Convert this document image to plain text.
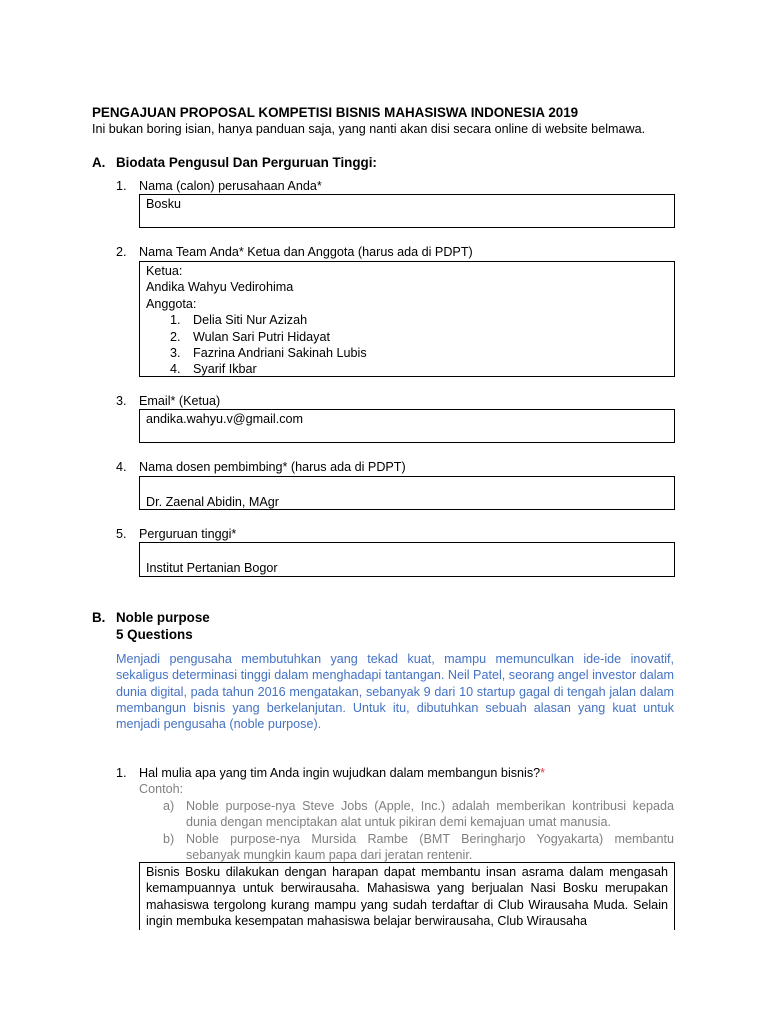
PENGAJUAN PROPOSAL KOMPETISI BISNIS MAHASISWA INDONESIA 2019
Ini bukan boring isian, hanya panduan saja, yang nanti akan disi secara online di website belmawa.
A. Biodata Pengusul Dan Perguruan Tinggi:
1. Nama (calon) perusahaan Anda*
Bosku
2. Nama Team Anda* Ketua dan Anggota (harus ada di PDPT)
Ketua:
Andika Wahyu Vedirohima
Anggota:
1. Delia Siti Nur Azizah
2. Wulan Sari Putri Hidayat
3. Fazrina Andriani Sakinah Lubis
4. Syarif Ikbar
3. Email* (Ketua)
andika.wahyu.v@gmail.com
4. Nama dosen pembimbing* (harus ada di PDPT)
Dr. Zaenal Abidin, MAgr
5. Perguruan tinggi*
Institut Pertanian Bogor
B. Noble purpose
5 Questions
Menjadi pengusaha membutuhkan yang tekad kuat, mampu memunculkan ide-ide inovatif, sekaligus determinasi tinggi dalam menghadapi tantangan. Neil Patel, seorang angel investor dalam dunia digital, pada tahun 2016 mengatakan, sebanyak 9 dari 10 startup gagal di tengah jalan dalam membangun bisnis yang berkelanjutan. Untuk itu, dibutuhkan sebuah alasan yang kuat untuk menjadi pengusaha (noble purpose).
1. Hal mulia apa yang tim Anda ingin wujudkan dalam membangun bisnis?*
Contoh:
a) Noble purpose-nya Steve Jobs (Apple, Inc.) adalah memberikan kontribusi kepada
dunia dengan menciptakan alat untuk pikiran demi kemajuan umat manusia.
b) Noble purpose-nya Mursida Rambe (BMT Beringharjo Yogyakarta) membantu
sebanyak mungkin kaum papa dari jeratan rentenir.
Bisnis Bosku dilakukan dengan harapan dapat membantu insan asrama dalam mengasah kemampuannya untuk berwirausaha. Mahasiswa yang berjualan Nasi Bosku merupakan mahasiswa tergolong kurang mampu yang sudah terdaftar di Club Wirausaha Muda. Selain ingin membuka kesempatan mahasiswa belajar berwirausaha, Club Wirausaha
